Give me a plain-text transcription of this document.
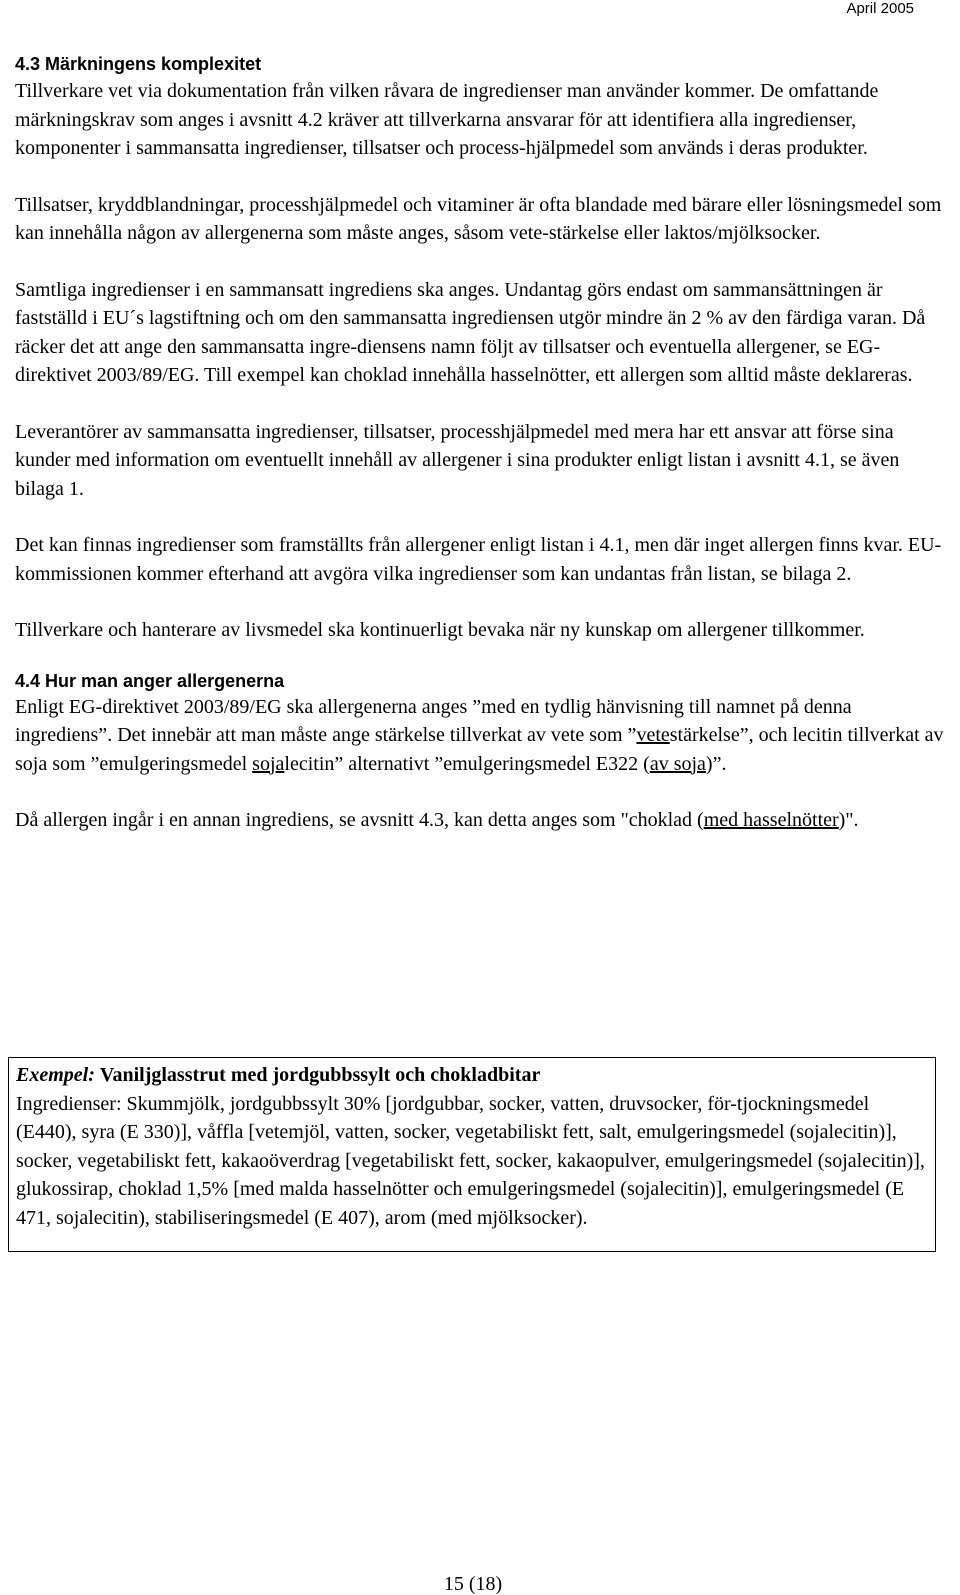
April 2005
4.3 Märkningens komplexitet

Tillverkare vet via dokumentation från vilken råvara de ingredienser man använder kommer. De omfattande märkningskrav som anges i avsnitt 4.2 kräver att tillverkarna ansvarar för att identifiera alla ingredienser, komponenter i sammansatta ingredienser, tillsatser och process-hjälpmedel som används i deras produkter.

Tillsatser, kryddblandningar, processhjälpmedel och vitaminer är ofta blandade med bärare eller lösningsmedel som kan innehålla någon av allergenerna som måste anges, såsom vete-stärkelse eller laktos/mjölksocker.

Samtliga ingredienser i en sammansatt ingrediens ska anges. Undantag görs endast om sammansättningen är fastställd i EU´s lagstiftning och om den sammansatta ingrediensen utgör mindre än 2 % av den färdiga varan. Då räcker det att ange den sammansatta ingre-diensens namn följt av tillsatser och eventuella allergener, se EG-direktivet 2003/89/EG. Till exempel kan choklad innehålla hasselnötter, ett allergen som alltid måste deklareras.

Leverantörer av sammansatta ingredienser, tillsatser, processhjälpmedel med mera har ett ansvar att förse sina kunder med information om eventuellt innehåll av allergener i sina produkter enligt listan i avsnitt 4.1, se även bilaga 1.

Det kan finnas ingredienser som framställts från allergener enligt listan i 4.1, men där inget allergen finns kvar. EU-kommissionen kommer efterhand att avgöra vilka ingredienser som kan undantas från listan, se bilaga 2.

Tillverkare och hanterare av livsmedel ska kontinuerligt bevaka när ny kunskap om allergener tillkommer.

4.4 Hur man anger allergenerna

Enligt EG-direktivet 2003/89/EG ska allergenerna anges ”med en tydlig hänvisning till namnet på denna ingrediens”. Det innebär att man måste ange stärkelse tillverkat av vete som ”vetestärkelse”, och lecitin tillverkat av soja som ”emulgeringsmedel sojalecitin” alternativt ”emulgeringsmedel E322 (av soja)”.

Då allergen ingår i en annan ingrediens, se avsnitt 4.3, kan detta anges som "choklad (med hasselnötter)".

Exempel: Vaniljglasstrut med jordgubbssylt och chokladbitar

Ingredienser: Skummjölk, jordgubbssylt 30% [jordgubbar, socker, vatten, druvsocker, för-tjockningsmedel (E440), syra (E 330)], våffla [vetemjöl, vatten, socker, vegetabiliskt fett, salt, emulgeringsmedel (sojalecitin)], socker, vegetabiliskt fett, kakaoöverdrag [vegetabiliskt fett, socker, kakaopulver, emulgeringsmedel (sojalecitin)], glukossirap, choklad 1,5% [med malda hasselnötter och emulgeringsmedel (sojalecitin)], emulgeringsmedel (E 471, sojalecitin), stabiliseringsmedel (E 407), arom (med mjölksocker).

15 (18)
